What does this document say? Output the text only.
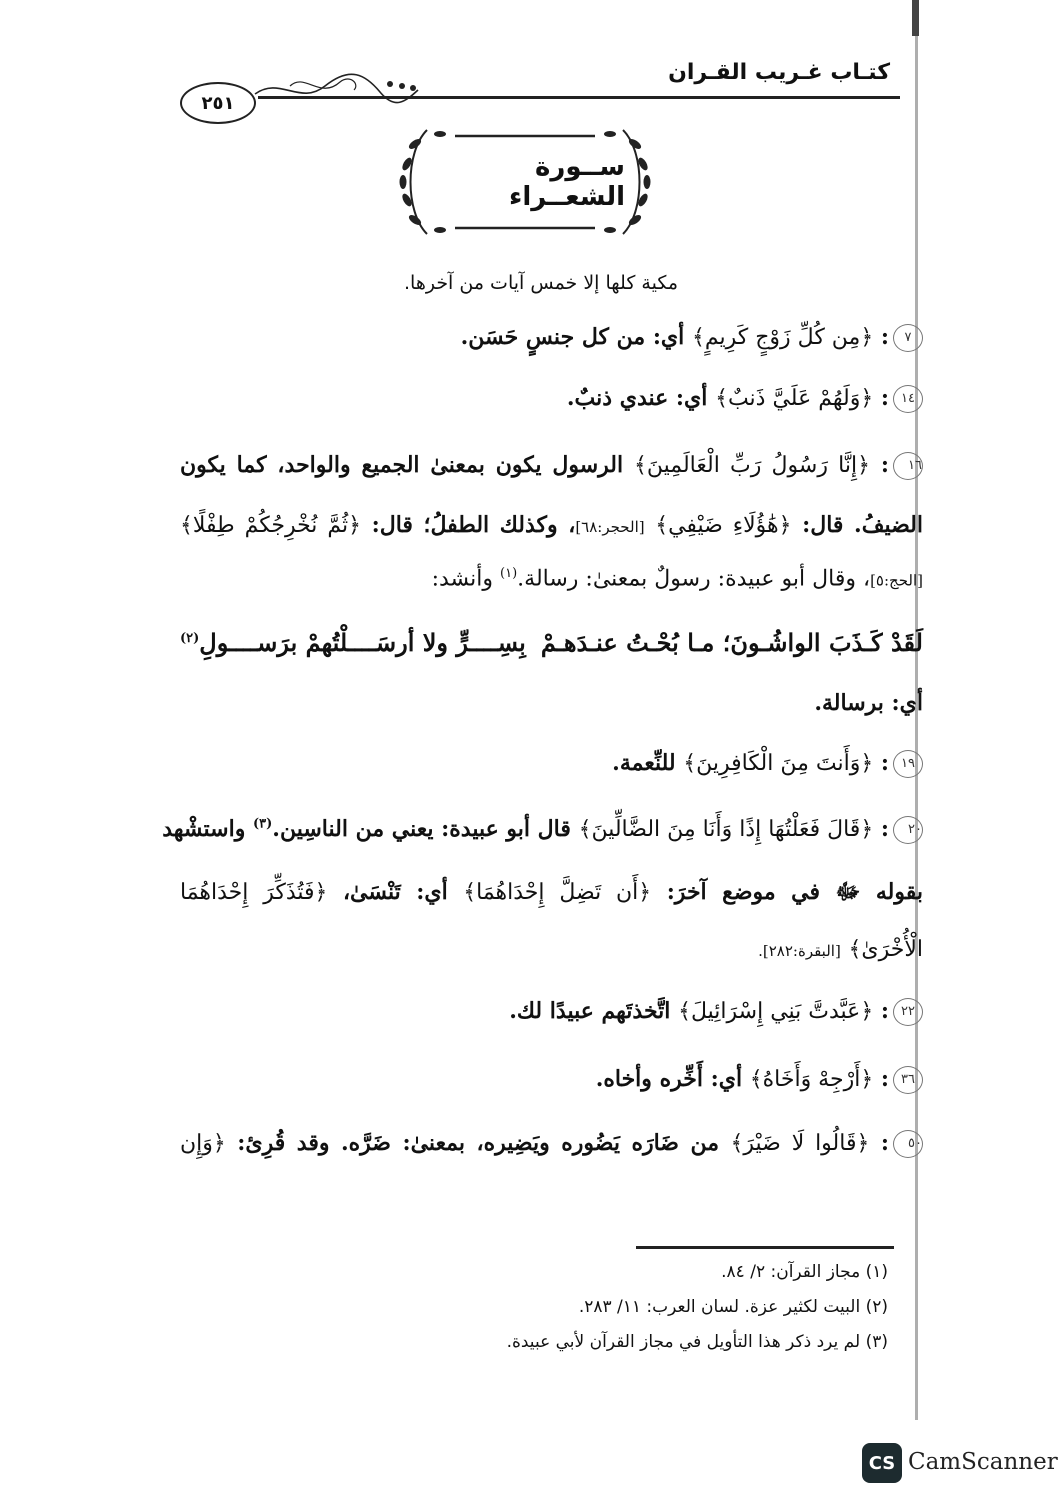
كتـاب غـريب القـران
٢٥١
ســورة الشعــراء
مكية كلها إلا خمس آيات من آخرها.
٧: ﴿مِن كُلِّ زَوْجٍ كَرِيمٍ﴾ أي: من كل جنسٍ حَسَن.
١٤: ﴿وَلَهُمْ عَلَيَّ ذَنبٌ﴾ أي: عندي ذنبٌ.
١٦: ﴿إِنَّا رَسُولُ رَبِّ الْعَالَمِينَ﴾ الرسول يكون بمعنىٰ الجميع والواحد، كما يكون
الضيفُ. قال: ﴿هَٰؤُلَاءِ ضَيْفِي﴾ [الحجر:٦٨]، وكذلك الطفلُ؛ قال: ﴿ثُمَّ نُخْرِجُكُمْ طِفْلًا﴾
[الحج:٥]، وقال أبو عبيدة: رسولٌ بمعنىٰ: رسالة.$^{(١)}$ وأنشد:
لَقَدْ كَـذَبَ الواشُـونَ؛ مـا بُحْـتُ عنـدَهـمْ
بِسِــــرٍّ ولا أرسَــــلْتُهمْ برَســــولِ$^{(٢)}$
أي: برسالة.
١٩: ﴿وَأَنتَ مِنَ الْكَافِرِينَ﴾ للنِّعمة.
٢٠: ﴿قَالَ فَعَلْتُهَا إِذًا وَأَنَا مِنَ الضَّالِّينَ﴾ قال أبو عبيدة: يعني من الناسِين.$^{(٣)}$ واستشْهد
بقوله ﷻ في موضع آخرَ: ﴿أَن تَضِلَّ إِحْدَاهُمَا﴾ أي: تَنْسَىٰ، ﴿فَتُذَكِّرَ إِحْدَاهُمَا
الْأُخْرَىٰ﴾ [البقرة:٢٨٢].
٢٢: ﴿عَبَّدتَّ بَنِي إِسْرَائِيلَ﴾ اتَّخذتَهم عبيدًا لك.
٣٦: ﴿أَرْجِهْ وَأَخَاهُ﴾ أي: أَخِّره وأخاه.
٥٠: ﴿قَالُوا لَا ضَيْرَ﴾ من ضَارَه يَضُوره ويَضِيره، بمعنىٰ: ضَرَّه. وقد قُرِئ: ﴿وَإِن
(١) مجاز القرآن: ٢/ ٨٤.
(٢) البيت لكثير عزة. لسان العرب: ١١/ ٢٨٣.
(٣) لم يرد ذكر هذا التأويل في مجاز القرآن لأبي عبيدة.
CS CamScanner
